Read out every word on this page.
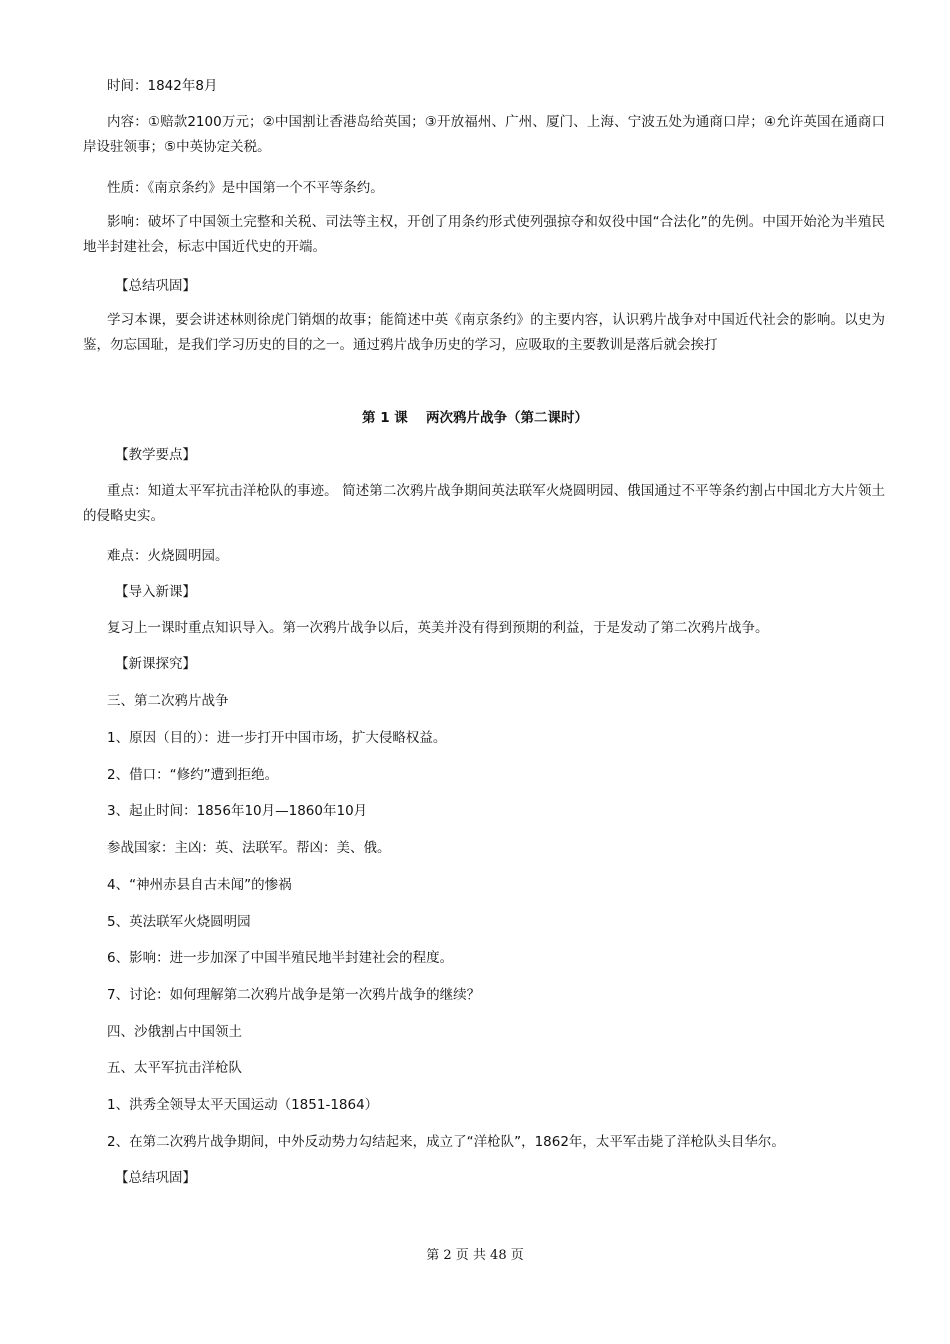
时间：1842年8月
内容：①赔款2100万元；②中国割让香港岛给英国；③开放福州、广州、厦门、上海、宁波五处为通商口岸；④允许英国在通商口岸设驻领事；⑤中英协定关税。
性质：《南京条约》是中国第一个不平等条约。
影响：破坏了中国领土完整和关税、司法等主权，开创了用条约形式使列强掠夺和奴役中国“合法化”的先例。中国开始沦为半殖民地半封建社会，标志中国近代史的开端。
【总结巩固】
学习本课，要会讲述林则徐虎门销烟的故事；能简述中英《南京条约》的主要内容，认识鸦片战争对中国近代社会的影响。以史为鉴，勿忘国耻，是我们学习历史的目的之一。通过鸦片战争历史的学习，应吸取的主要教训是落后就会挨打
第 1 课　 两次鸦片战争（第二课时）
【教学要点】
重点：知道太平军抗击洋枪队的事迹。 简述第二次鸦片战争期间英法联军火烧圆明园、俄国通过不平等条约割占中国北方大片领土的侵略史实。
难点：火烧圆明园。
【导入新课】
复习上一课时重点知识导入。第一次鸦片战争以后，英美并没有得到预期的利益，于是发动了第二次鸦片战争。
【新课探究】
三、第二次鸦片战争
1、原因（目的）：进一步打开中国市场，扩大侵略权益。
2、借口：“修约”遭到拒绝。
3、起止时间：1856年10月—1860年10月
参战国家：主凶：英、法联军。帮凶：美、俄。
4、“神州赤县自古未闻”的惨祸
5、英法联军火烧圆明园
6、影响：进一步加深了中国半殖民地半封建社会的程度。
7、讨论：如何理解第二次鸦片战争是第一次鸦片战争的继续？
四、沙俄割占中国领土
五、太平军抗击洋枪队
1、洪秀全领导太平天国运动（1851-1864）
2、在第二次鸦片战争期间，中外反动势力勾结起来，成立了“洋枪队”，1862年，太平军击毙了洋枪队头目华尔。
【总结巩固】
第 2 页 共 48 页
